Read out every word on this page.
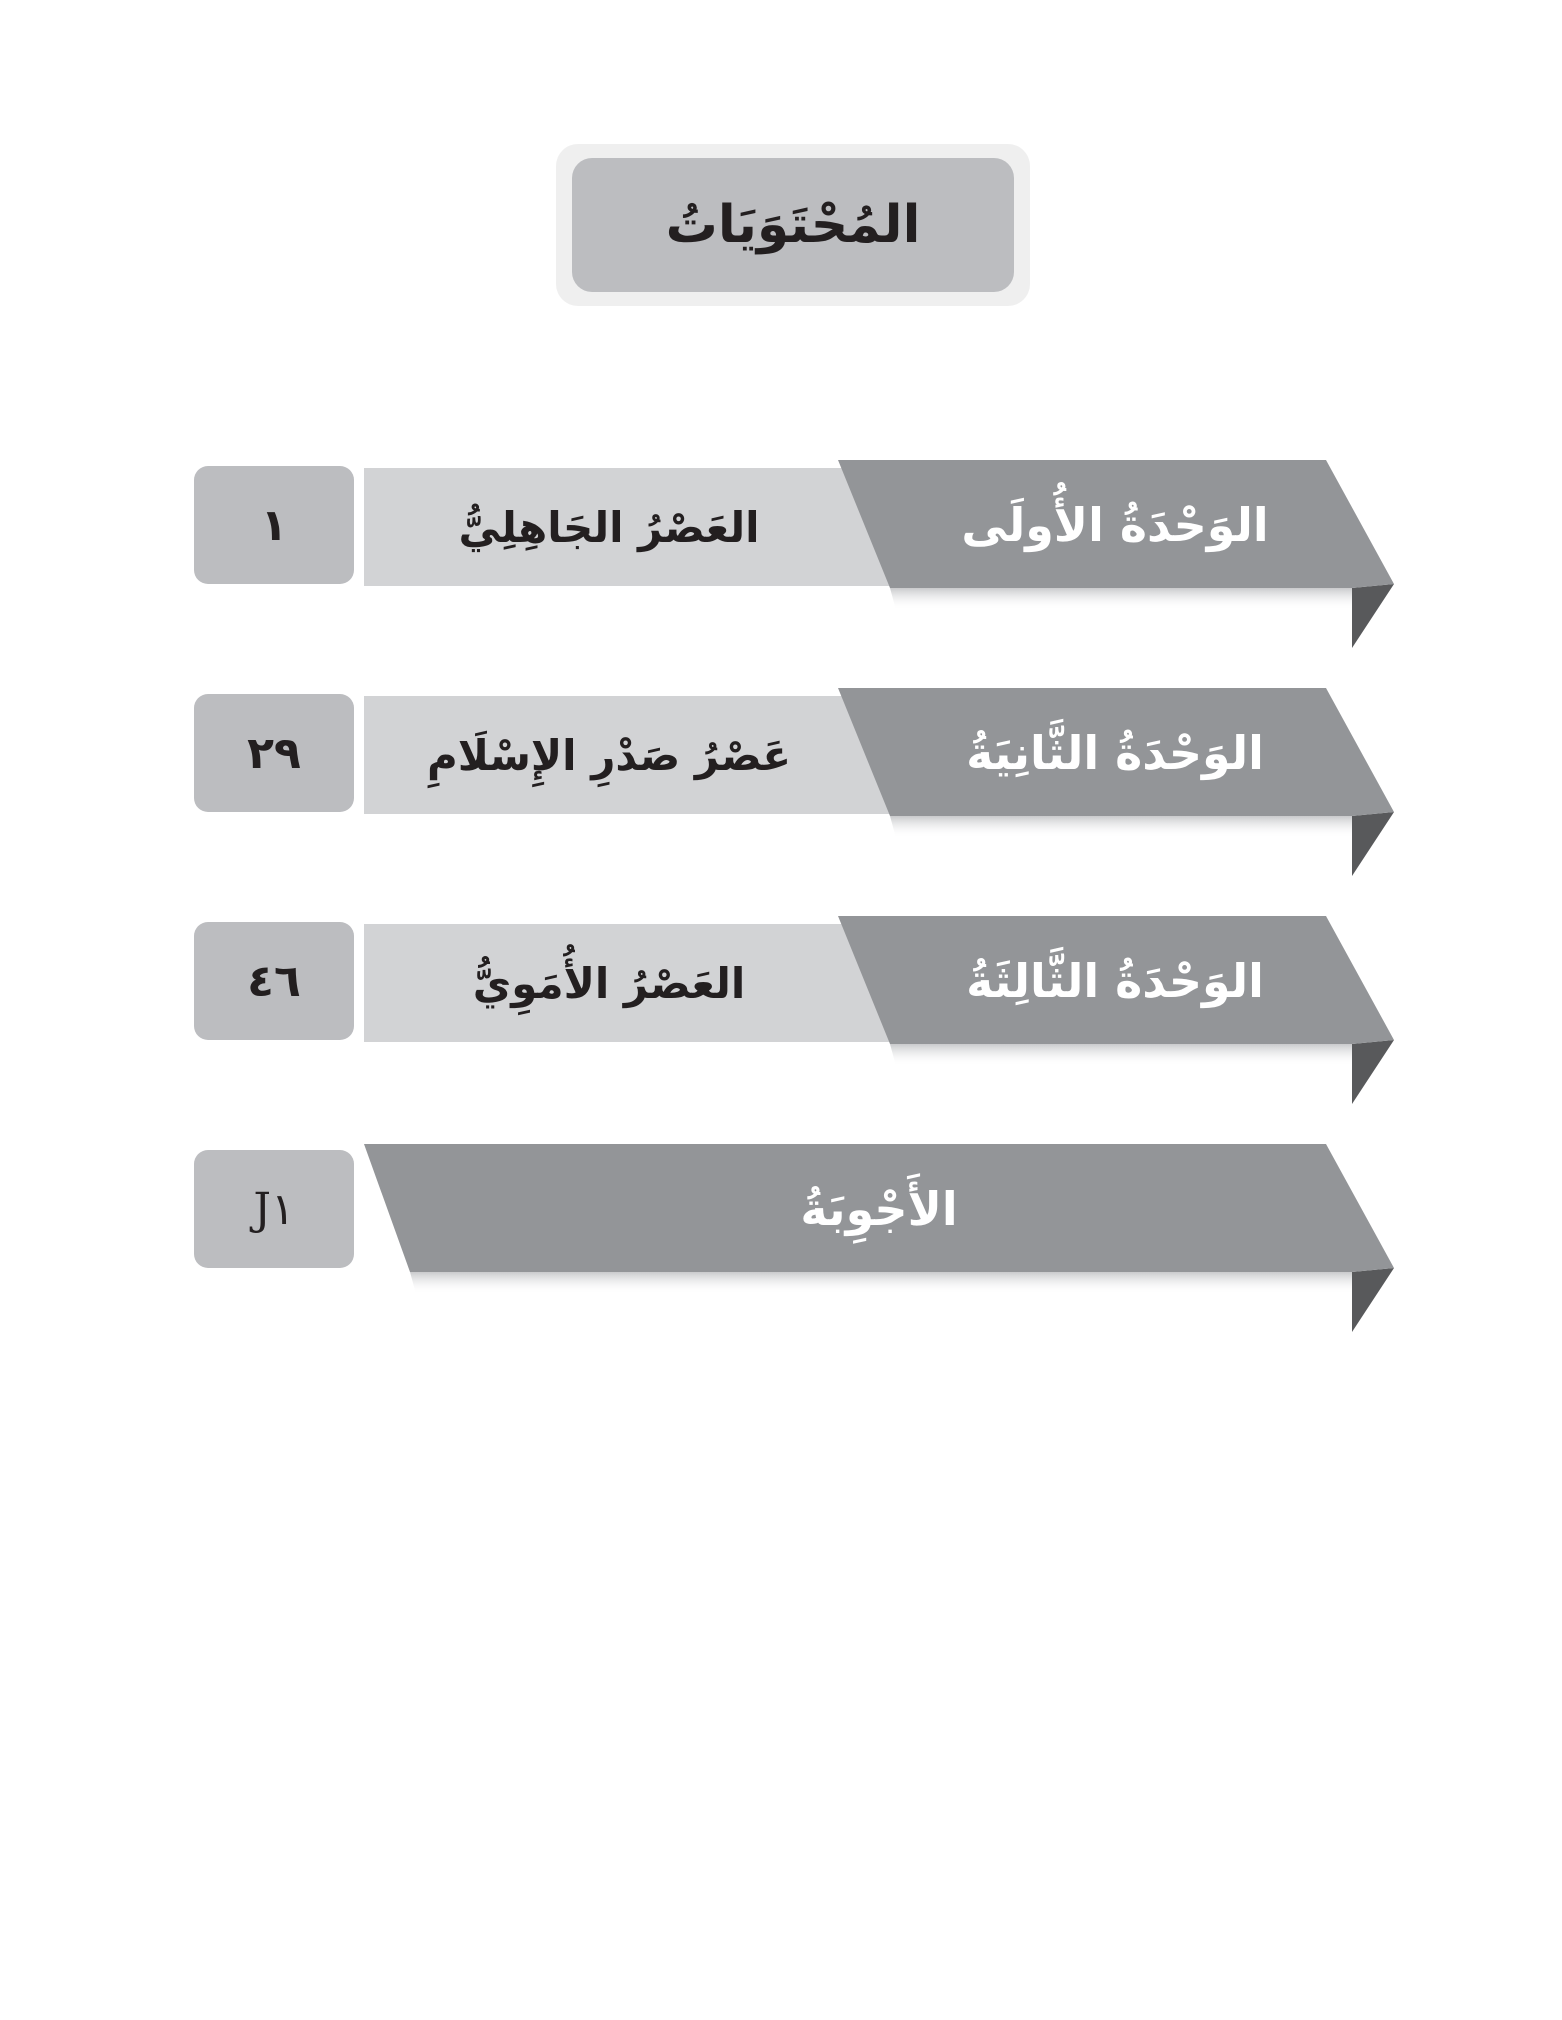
المُحْتَوَيَاتُ
١	العَصْرُ الجَاهِلِيُّ	الوَحْدَةُ الأُولَى
٢٩	عَصْرُ صَدْرِ الإِسْلَامِ	الوَحْدَةُ الثَّانِيَةُ
٤٦	العَصْرُ الأُمَوِيُّ	الوَحْدَةُ الثَّالِثَةُ
J١	الأَجْوِبَةُ
